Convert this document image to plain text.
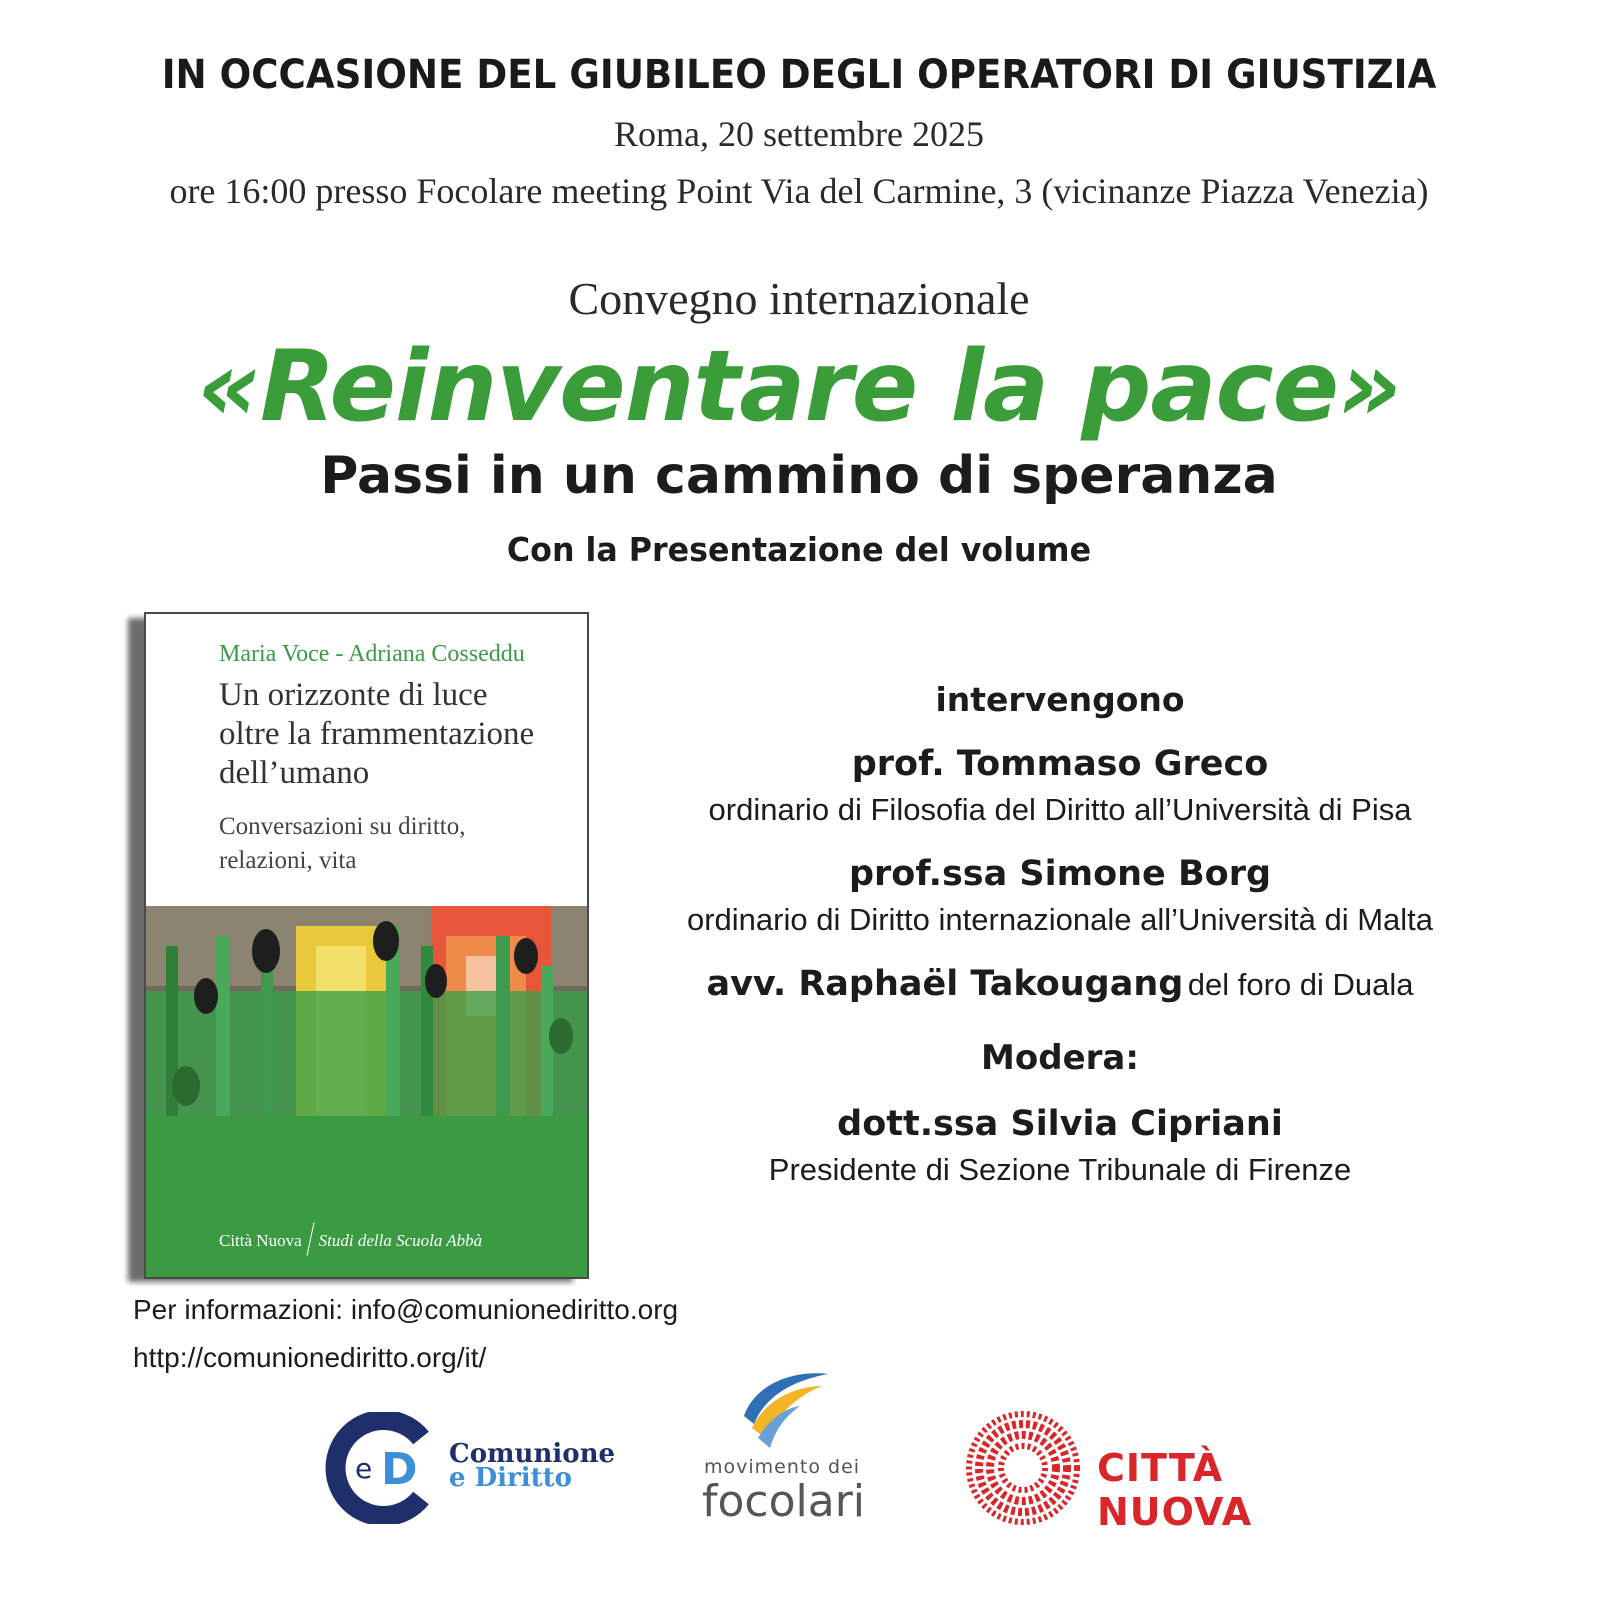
IN OCCASIONE DEL GIUBILEO DEGLI OPERATORI DI GIUSTIZIA
Roma, 20 settembre 2025
ore 16:00 presso Focolare meeting Point Via del Carmine, 3 (vicinanze Piazza Venezia)
Convegno internazionale
«Reinventare la pace»
Passi in un cammino di speranza
Con la Presentazione del volume
Maria Voce - Adriana Cosseddu
Un orizzonte di luce
oltre la frammentazione
dell’umano
Conversazioni su diritto,
relazioni, vita
Città Nuova Studi della Scuola Abbà
intervengono
prof. Tommaso Greco
ordinario di Filosofia del Diritto all’Università di Pisa
prof.ssa Simone Borg
ordinario di Diritto internazionale all’Università di Malta
avv. Raphaël Takougang del foro di Duala
Modera:
dott.ssa Silvia Cipriani
Presidente di Sezione Tribunale di Firenze
Per informazioni: info@comunionediritto.org
http://comunionediritto.org/it/
e D Comunione
e Diritto	movimento dei
focolari
CITTÀ NUOVA
